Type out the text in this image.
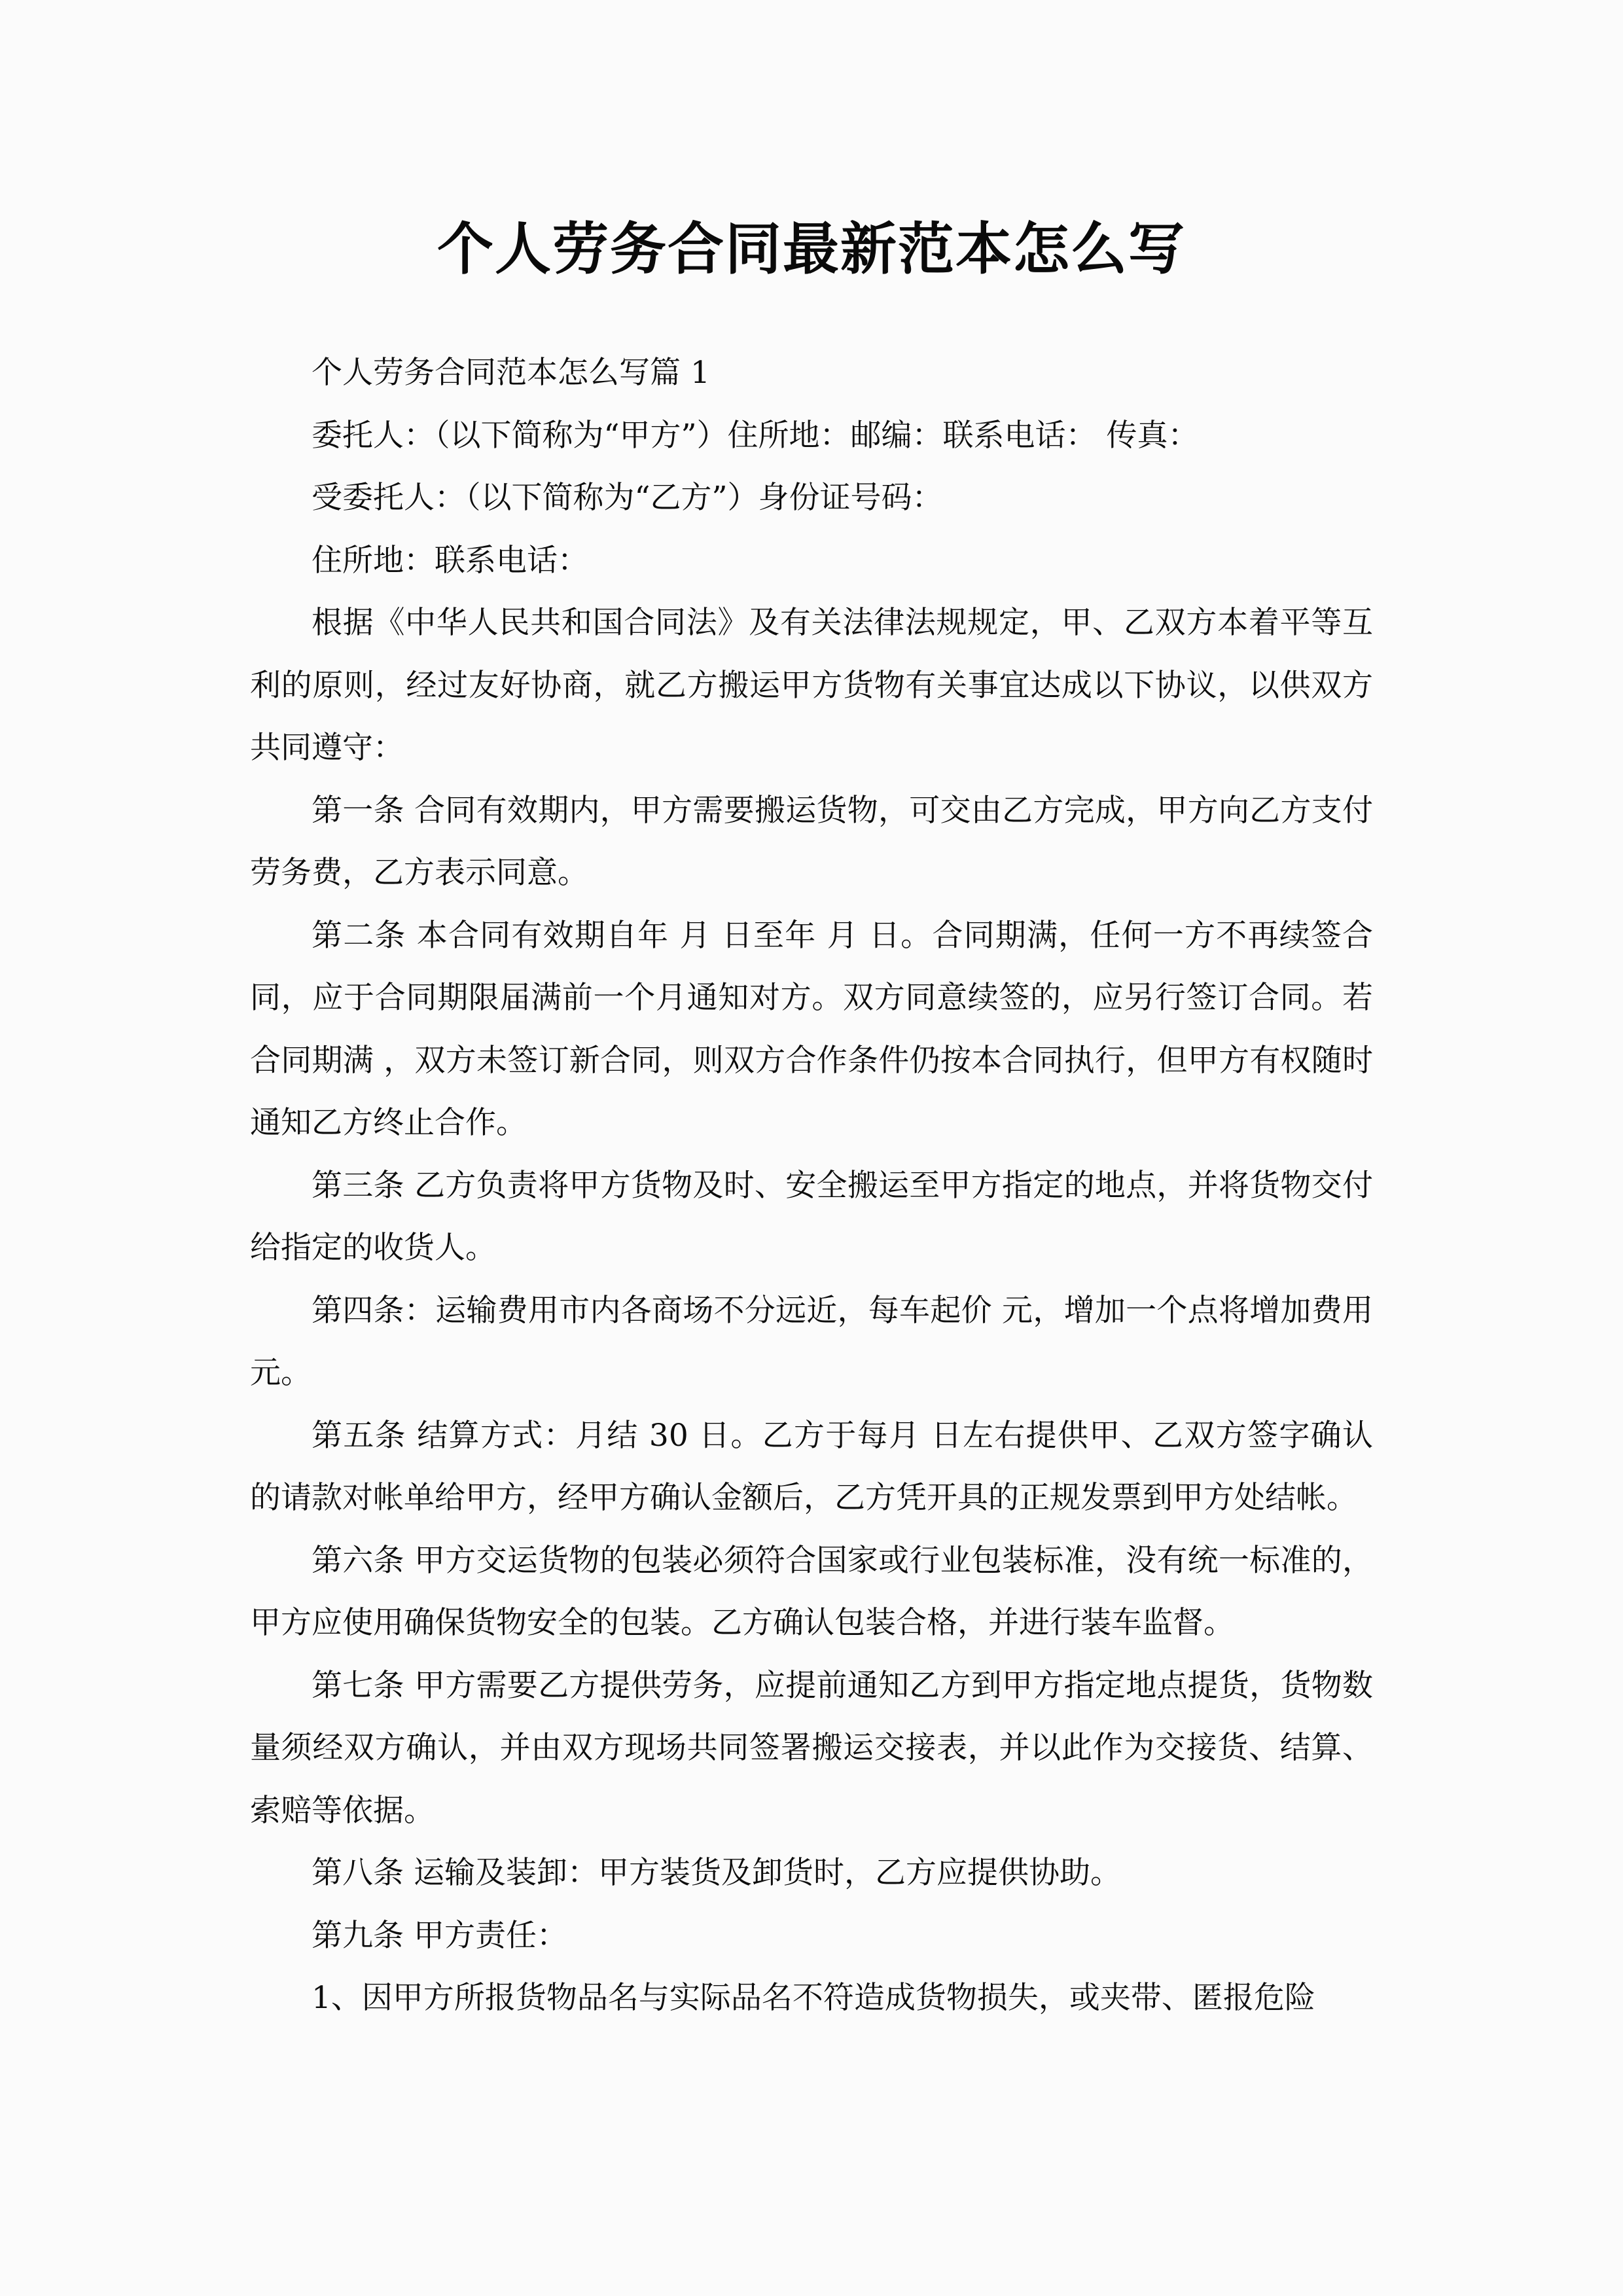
个人劳务合同最新范本怎么写

个人劳务合同范本怎么写篇 1

委托人：（以下简称为“甲方”）住所地：邮编：联系电话： 传真：

受委托人：（以下简称为“乙方”）身份证号码：

住所地：联系电话：

根据《中华人民共和国合同法》及有关法律法规规定，甲、乙双方本着平等互利的原则，经过友好协商，就乙方搬运甲方货物有关事宜达成以下协议，以供双方共同遵守：

第一条 合同有效期内，甲方需要搬运货物，可交由乙方完成，甲方向乙方支付劳务费，乙方表示同意。

第二条 本合同有效期自年 月 日至年 月 日。合同期满，任何一方不再续签合同，应于合同期限届满前一个月通知对方。双方同意续签的，应另行签订合同。若合同期满 ，双方未签订新合同，则双方合作条件仍按本合同执行，但甲方有权随时通知乙方终止合作。

第三条 乙方负责将甲方货物及时、安全搬运至甲方指定的地点，并将货物交付给指定的收货人。

第四条：运输费用市内各商场不分远近，每车起价 元，增加一个点将增加费用 元。

第五条 结算方式：月结 30 日。乙方于每月 日左右提供甲、乙双方签字确认的请款对帐单给甲方，经甲方确认金额后，乙方凭开具的正规发票到甲方处结帐。

第六条 甲方交运货物的包装必须符合国家或行业包装标准，没有统一标准的，甲方应使用确保货物安全的包装。乙方确认包装合格，并进行装车监督。

第七条 甲方需要乙方提供劳务，应提前通知乙方到甲方指定地点提货，货物数量须经双方确认，并由双方现场共同签署搬运交接表，并以此作为交接货、结算、索赔等依据。

第八条 运输及装卸：甲方装货及卸货时，乙方应提供协助。

第九条 甲方责任：

1、因甲方所报货物品名与实际品名不符造成货物损失，或夹带、匿报危险
